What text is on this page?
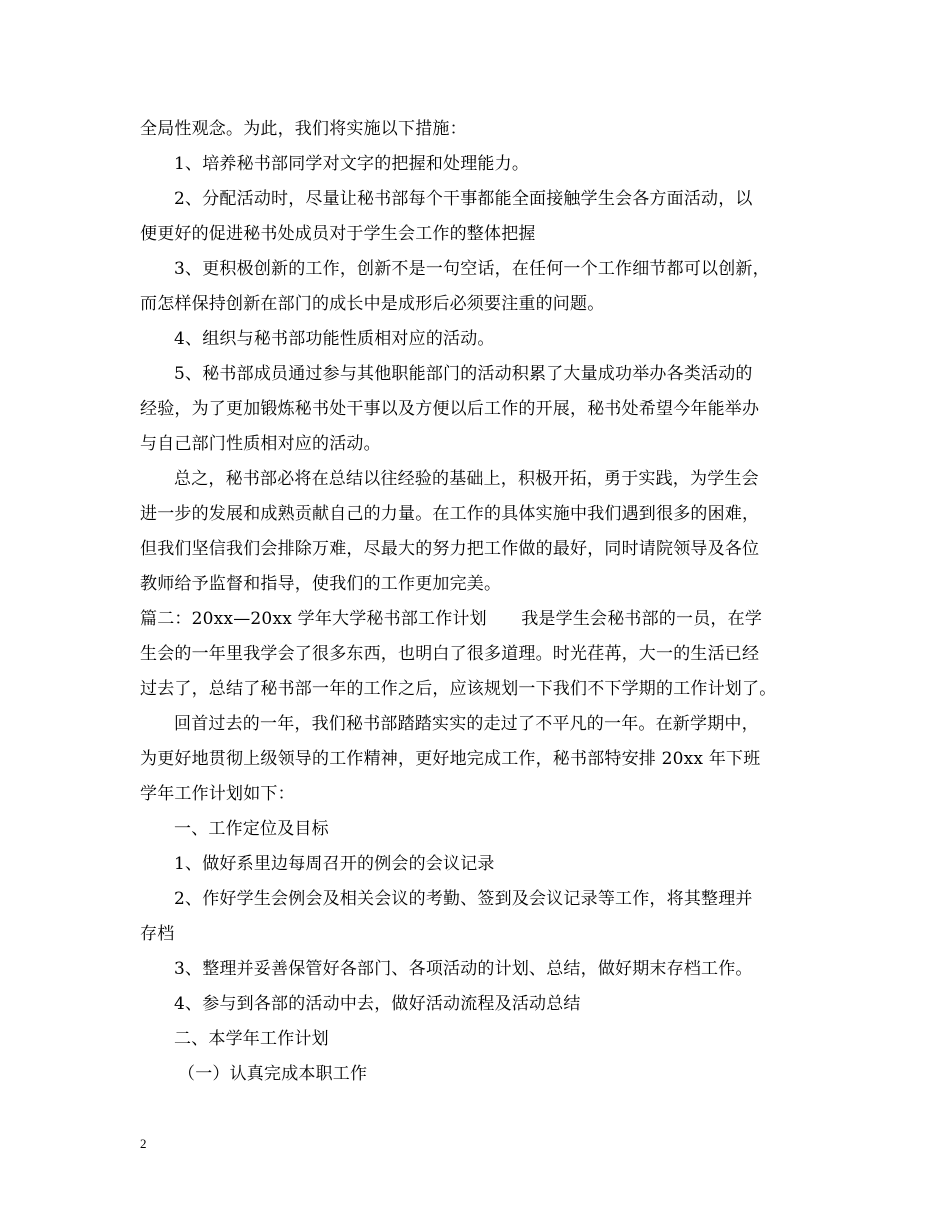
全局性观念。为此，我们将实施以下措施：
1、培养秘书部同学对文字的把握和处理能力。
2、分配活动时，尽量让秘书部每个干事都能全面接触学生会各方面活动，以
便更好的促进秘书处成员对于学生会工作的整体把握
3、更积极创新的工作，创新不是一句空话，在任何一个工作细节都可以创新，
而怎样保持创新在部门的成长中是成形后必须要注重的问题。
4、组织与秘书部功能性质相对应的活动。
5、秘书部成员通过参与其他职能部门的活动积累了大量成功举办各类活动的
经验，为了更加锻炼秘书处干事以及方便以后工作的开展，秘书处希望今年能举办
与自己部门性质相对应的活动。
总之，秘书部必将在总结以往经验的基础上，积极开拓，勇于实践，为学生会
进一步的发展和成熟贡献自己的力量。在工作的具体实施中我们遇到很多的困难，
但我们坚信我们会排除万难，尽最大的努力把工作做的最好，同时请院领导及各位
教师给予监督和指导，使我们的工作更加完美。
篇二：20xx—20xx 学年大学秘书部工作计划　　我是学生会秘书部的一员，在学
生会的一年里我学会了很多东西，也明白了很多道理。时光荏苒，大一的生活已经
过去了，总结了秘书部一年的工作之后，应该规划一下我们不下学期的工作计划了。
回首过去的一年，我们秘书部踏踏实实的走过了不平凡的一年。在新学期中，
为更好地贯彻上级领导的工作精神，更好地完成工作，秘书部特安排 20xx 年下班
学年工作计划如下：
一、工作定位及目标
1、做好系里边每周召开的例会的会议记录
2、作好学生会例会及相关会议的考勤、签到及会议记录等工作，将其整理并
存档
3、整理并妥善保管好各部门、各项活动的计划、总结，做好期末存档工作。
4、参与到各部的活动中去，做好活动流程及活动总结
二、本学年工作计划
（一）认真完成本职工作
2
